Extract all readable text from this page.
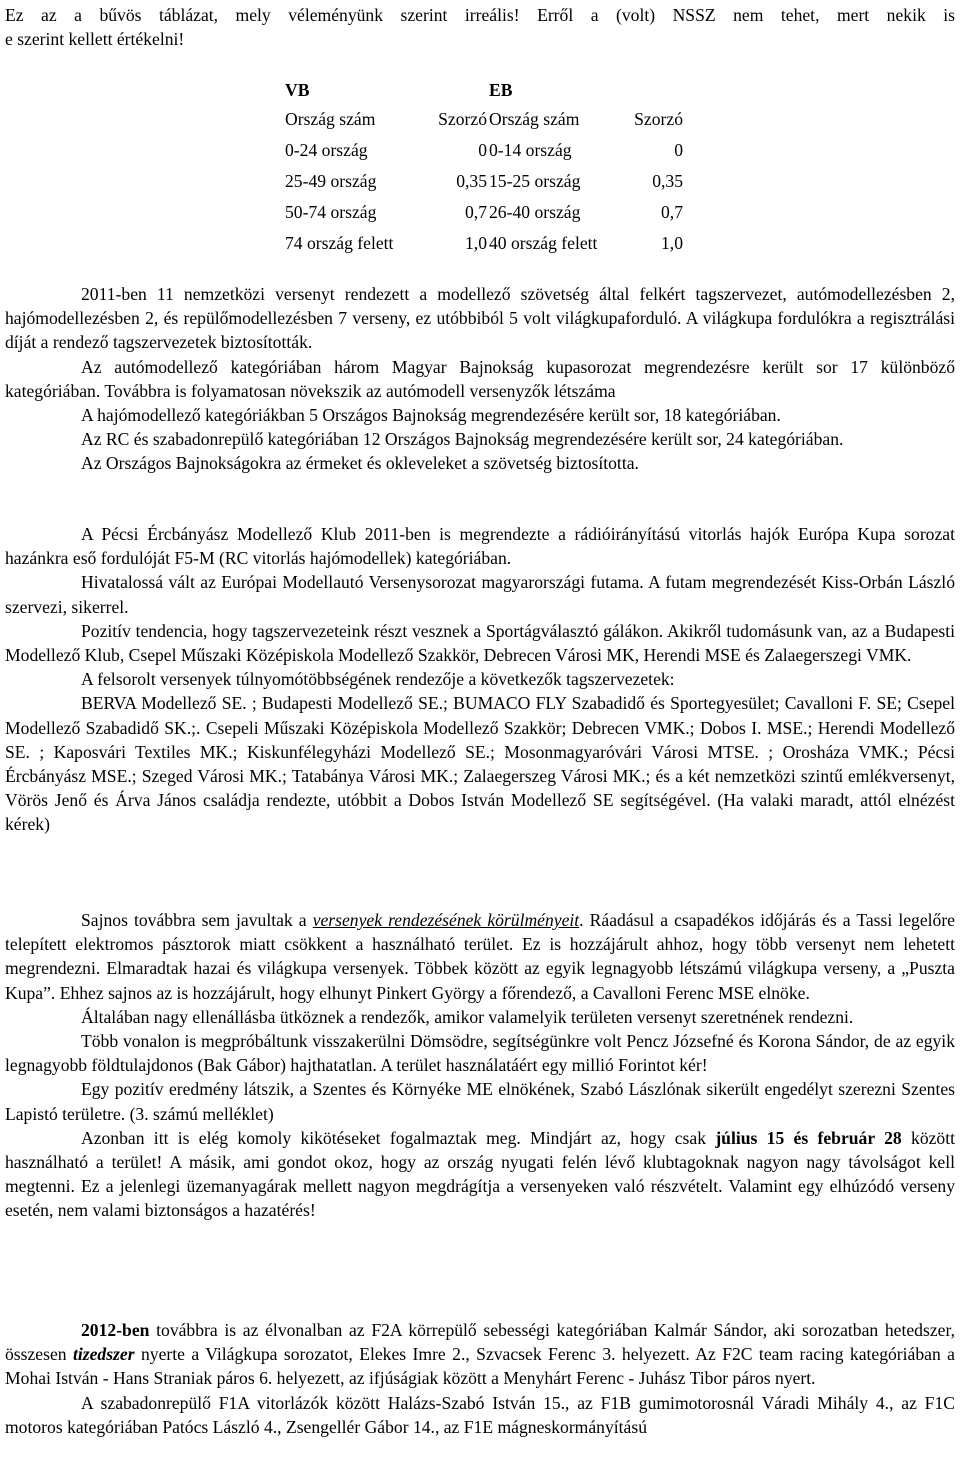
Ez az a bűvös táblázat, mely véleményünk szerint irreális! Erről a (volt) NSSZ nem tehet, mert nekik is
e szerint kellett értékelni!
VB		EB	
Ország szám	Szorzó	Ország szám	Szorzó
0-24 ország	0	0-14 ország	0
25-49 ország	0,35	15-25 ország	0,35
50-74 ország	0,7	26-40 ország	0,7
74 ország felett	1,0	40 ország felett	1,0
2011-ben 11 nemzetközi versenyt rendezett a modellező szövetség által felkért tagszervezet, autómodellezésben 2, hajómodellezésben 2, és repülőmodellezésben 7 verseny, ez utóbbiból 5 volt világkupaforduló. A világkupa fordulókra a regisztrálási díját a rendező tagszervezetek biztosították.
Az autómodellező kategóriában három Magyar Bajnokság kupasorozat megrendezésre került sor 17 különböző kategóriában. Továbbra is folyamatosan növekszik az autómodell versenyzők létszáma
A hajómodellező kategóriákban 5 Országos Bajnokság megrendezésére került sor, 18 kategóriában.
Az RC és szabadonrepülő kategóriában 12 Országos Bajnokság megrendezésére került sor, 24 kategóriában.
Az Országos Bajnokságokra az érmeket és okleveleket a szövetség biztosította.
A Pécsi Ércbányász Modellező Klub 2011-ben is megrendezte a rádióirányítású vitorlás hajók Európa Kupa sorozat hazánkra eső fordulóját F5-M (RC vitorlás hajómodellek) kategóriában.
Hivatalossá vált az Európai Modellautó Versenysorozat magyarországi futama. A futam megrendezését Kiss-Orbán László szervezi, sikerrel.
Pozitív tendencia, hogy tagszervezeteink részt vesznek a Sportágválasztó gálákon. Akikről tudomásunk van, az a Budapesti Modellező Klub, Csepel Műszaki Középiskola Modellező Szakkör, Debrecen Városi MK, Herendi MSE és Zalaegerszegi VMK.
A felsorolt versenyek túlnyomótöbbségének rendezője a következők tagszervezetek:
BERVA Modellező SE. ; Budapesti Modellező SE.; BUMACO FLY Szabadidő és Sportegyesület; Cavalloni F. SE; Csepel Modellező Szabadidő SK.;. Csepeli Műszaki Középiskola Modellező Szakkör; Debrecen VMK.; Dobos I. MSE.; Herendi Modellező SE. ; Kaposvári Textiles MK.; Kiskunfélegyházi Modellező SE.; Mosonmagyaróvári Városi MTSE. ; Orosháza VMK.; Pécsi Ércbányász MSE.; Szeged Városi MK.; Tatabánya Városi MK.; Zalaegerszeg Városi MK.; és a két nemzetközi szintű emlékversenyt, Vörös Jenő és Árva János családja rendezte, utóbbit a Dobos István Modellező SE segítségével. (Ha valaki maradt, attól elnézést kérek)
Sajnos továbbra sem javultak a versenyek rendezésének körülményeit. Ráadásul a csapadékos időjárás és a Tassi legelőre telepített elektromos pásztorok miatt csökkent a használható terület. Ez is hozzájárult ahhoz, hogy több versenyt nem lehetett megrendezni. Elmaradtak hazai és világkupa versenyek. Többek között az egyik legnagyobb létszámú világkupa verseny, a „Puszta Kupa”. Ehhez sajnos az is hozzájárult, hogy elhunyt Pinkert György a főrendező, a Cavalloni Ferenc MSE elnöke.
Általában nagy ellenállásba ütköznek a rendezők, amikor valamelyik területen versenyt szeretnének rendezni.
Több vonalon is megpróbáltunk visszakerülni Dömsödre, segítségünkre volt Pencz Józsefné és Korona Sándor, de az egyik legnagyobb földtulajdonos (Bak Gábor) hajthatatlan. A terület használatáért egy millió Forintot kér!
Egy pozitív eredmény látszik, a Szentes és Környéke ME elnökének, Szabó Lászlónak sikerült engedélyt szerezni Szentes Lapistó területre. (3. számú melléklet)
Azonban itt is elég komoly kikötéseket fogalmaztak meg. Mindjárt az, hogy csak július 15 és február 28 között használható a terület! A másik, ami gondot okoz, hogy az ország nyugati felén lévő klubtagoknak nagyon nagy távolságot kell megtenni. Ez a jelenlegi üzemanyagárak mellett nagyon megdrágítja a versenyeken való részvételt. Valamint egy elhúzódó verseny esetén, nem valami biztonságos a hazatérés!
2012-ben továbbra is az élvonalban az F2A körrepülő sebességi kategóriában Kalmár Sándor, aki sorozatban hetedszer, összesen tizedszer nyerte a Világkupa sorozatot, Elekes Imre 2., Szvacsek Ferenc 3. helyezett. Az F2C team racing kategóriában a Mohai István - Hans Straniak páros 6. helyezett, az ifjúságiak között a Menyhárt Ferenc - Juhász Tibor páros nyert.
A szabadonrepülő F1A vitorlázók között Halázs-Szabó István 15., az F1B gumimotorosnál Váradi Mihály 4., az F1C motoros kategóriában Patócs László 4., Zsengellér Gábor 14., az F1E mágneskormányítású
